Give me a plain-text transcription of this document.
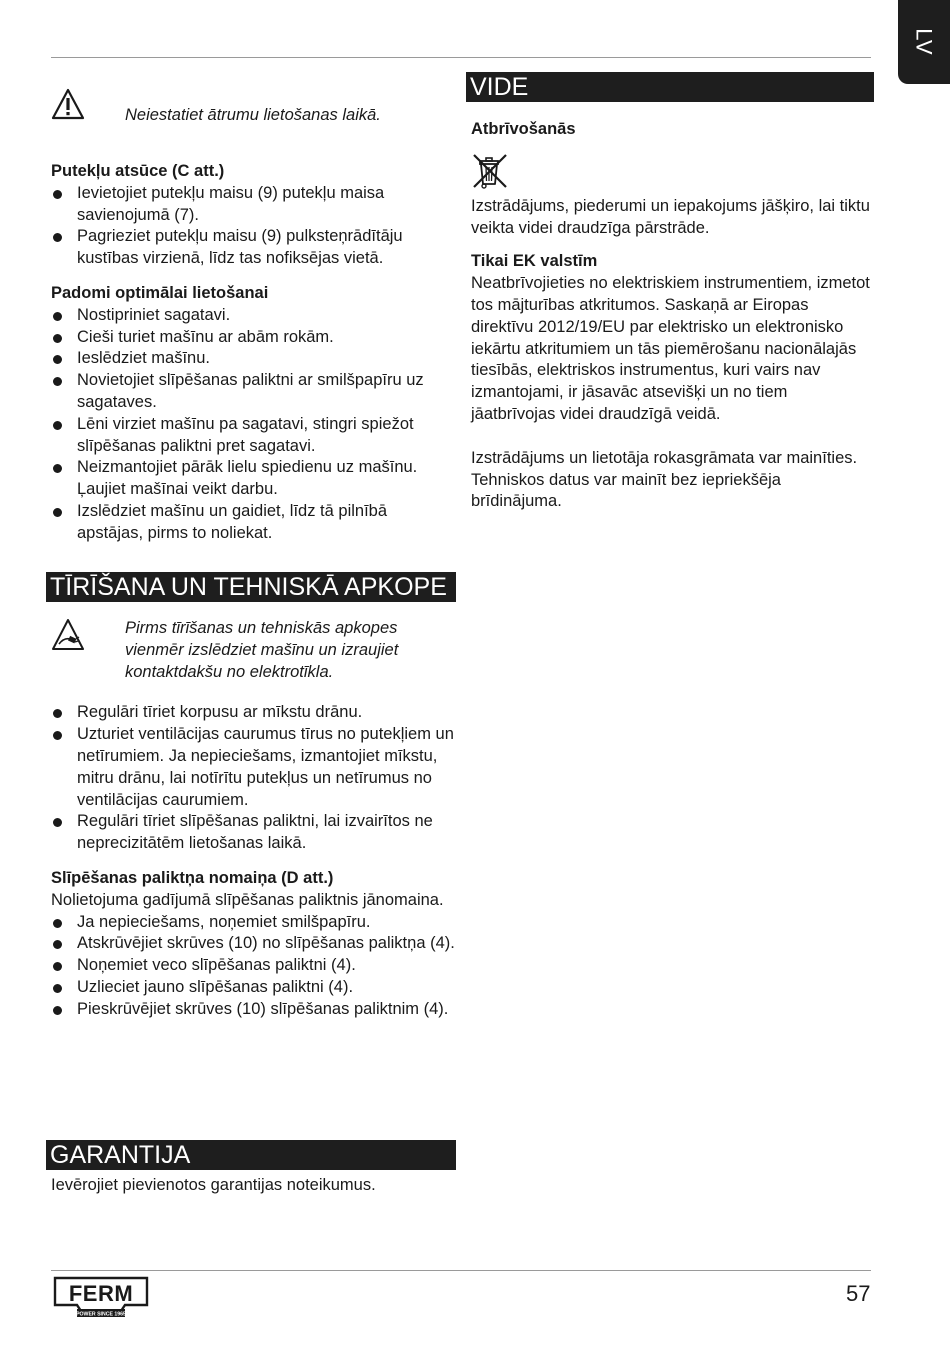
LV
Neiestatiet ātrumu lietošanas laikā.

Putekļu atsūce (C att.)

Ievietojiet putekļu maisu (9) putekļu maisa savienojumā (7).
Pagrieziet putekļu maisu (9) pulksteņrādītāju kustības virzienā, līdz tas nofiksējas vietā.

Padomi optimālai lietošanai

Nostipriniet sagatavi.
Cieši turiet mašīnu ar abām rokām.
Ieslēdziet mašīnu.
Novietojiet slīpēšanas paliktni ar smilšpapīru uz sagataves.
Lēni virziet mašīnu pa sagatavi, stingri spiežot slīpēšanas paliktni pret sagatavi.
Neizmantojiet pārāk lielu spiedienu uz mašīnu. Ļaujiet mašīnai veikt darbu.
Izslēdziet mašīnu un gaidiet, līdz tā pilnībā apstājas, pirms to noliekat.
TĪRĪŠANA UN TEHNISKĀ APKOPE
Pirms tīrīšanas un tehniskās apkopes vienmēr izslēdziet mašīnu un izraujiet kontaktdakšu no elektrotīkla.
Regulāri tīriet korpusu ar mīkstu drānu.
Uzturiet ventilācijas caurumus tīrus no putekļiem un netīrumiem. Ja nepieciešams, izmantojiet mīkstu, mitru drānu, lai notīrītu putekļus un netīrumus no ventilācijas caurumiem.
Regulāri tīriet slīpēšanas paliktni, lai izvairītos ne neprecizitātēm lietošanas laikā.

Slīpēšanas paliktņa nomaiņa (D att.)

Nolietojuma gadījumā slīpēšanas paliktnis jānomaina.

Ja nepieciešams, noņemiet smilšpapīru.
Atskrūvējiet skrūves (10) no slīpēšanas paliktņa (4).
Noņemiet veco slīpēšanas paliktni (4).
Uzlieciet jauno slīpēšanas paliktni (4).
Pieskrūvējiet skrūves (10) slīpēšanas paliktnim (4).
GARANTIJA

Ievērojiet pievienotos garantijas noteikumus.

VIDE

Atbrīvošanās

Izstrādājums, piederumi un iepakojums jāšķiro, lai tiktu veikta videi draudzīga pārstrāde.

Tikai EK valstīm

Neatbrīvojieties no elektriskiem instrumentiem, izmetot tos mājturības atkritumos. Saskaņā ar Eiropas direktīvu 2012/19/EU par elektrisko un elektronisko iekārtu atkritumiem un tās piemērošanu nacionālajās tiesībās, elektriskos instrumentus, kuri vairs nav izmantojami, ir jāsavāc atsevišķi un no tiem jāatbrīvojas videi draudzīgā veidā.

Izstrādājums un lietotāja rokasgrāmata var mainīties. Tehniskos datus var mainīt bez iepriekšēja brīdinājuma.

FERM
POWER SINCE 1965
57
